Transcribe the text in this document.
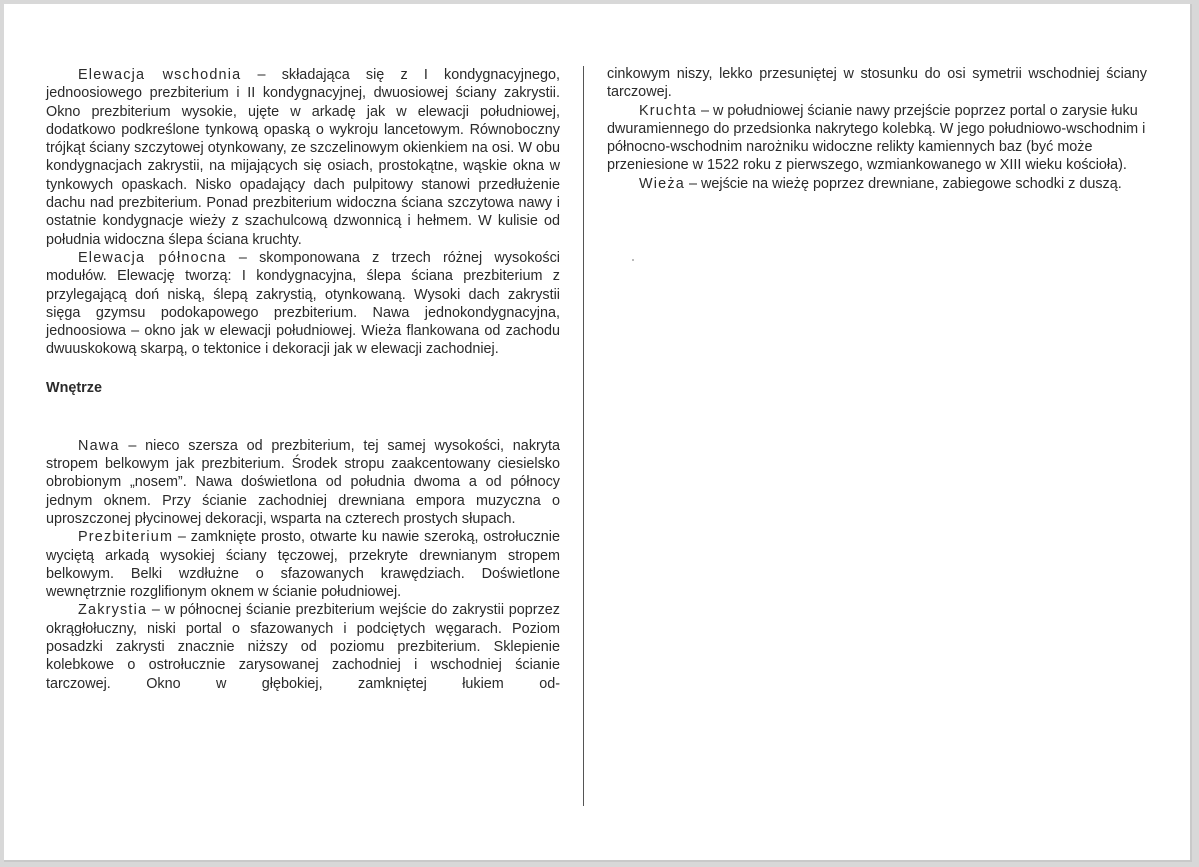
Elewacja wschodnia – składająca się z I kondygnacyjnego, jednoosiowego prezbiterium i II kondygnacyjnej, dwuosiowej ściany zakrystii. Okno prezbiterium wysokie, ujęte w arkadę jak w elewacji południowej, dodatkowo podkreślone tynkową opaską o wykroju lancetowym. Równoboczny trójkąt ściany szczytowej otynkowany, ze szczelinowym okienkiem na osi. W obu kondygnacjach zakrystii, na mijających się osiach, prostokątne, wąskie okna w tynkowych opaskach. Nisko opadający dach pulpitowy stanowi przedłużenie dachu nad prezbiterium. Ponad prezbiterium widoczna ściana szczytowa nawy i ostatnie kondygnacje wieży z szachulcową dzwonnicą i hełmem. W kulisie od południa widoczna ślepa ściana kruchty.

Elewacja północna – skomponowana z trzech różnej wysokości modułów. Elewację tworzą: I kondygnacyjna, ślepa ściana prezbiterium z przylegającą doń niską, ślepą zakrystią, otynkowaną. Wysoki dach zakrystii sięga gzymsu podokapowego prezbiterium. Nawa jednokondygnacyjna, jednoosiowa – okno jak w elewacji południowej. Wieża flankowana od zachodu dwuuskokową skarpą, o tektonice i dekoracji jak w elewacji zachodniej.

Wnętrze

Nawa – nieco szersza od prezbiterium, tej samej wysokości, nakryta stropem belkowym jak prezbiterium. Środek stropu zaakcentowany ciesielsko obrobionym „nosem”. Nawa doświetlona od południa dwoma a od północy jednym oknem. Przy ścianie zachodniej drewniana empora muzyczna o uproszczonej płycinowej dekoracji, wsparta na czterech prostych słupach.

Prezbiterium – zamknięte prosto, otwarte ku nawie szeroką, ostrołucznie wyciętą arkadą wysokiej ściany tęczowej, przekryte drewnianym stropem belkowym. Belki wzdłużne o sfazowanych krawędziach. Doświetlone wewnętrznie rozglifionym oknem w ścianie południowej.

Zakrystia – w północnej ścianie prezbiterium wejście do zakrystii poprzez okrągłołuczny, niski portal o sfazowanych i podciętych węgarach. Poziom posadzki zakrysti znacznie niższy od poziomu prezbiterium. Sklepienie kolebkowe o ostrołucznie zarysowanej zachodniej i wschodniej ścianie tarczowej. Okno w głębokiej, zamkniętej łukiem od-

cinkowym niszy, lekko przesuniętej w stosunku do osi symetrii wschodniej ściany tarczowej.

Kruchta – w południowej ścianie nawy przejście poprzez portal o zarysie łuku dwuramiennego do przedsionka nakrytego kolebką. W jego południowo-wschodnim i północno-wschodnim narożniku widoczne relikty kamiennych baz (być może przeniesione w 1522 roku z pierwszego, wzmiankowanego w XIII wieku kościoła).

Wieża – wejście na wieżę poprzez drewniane, zabiegowe schodki z duszą.
